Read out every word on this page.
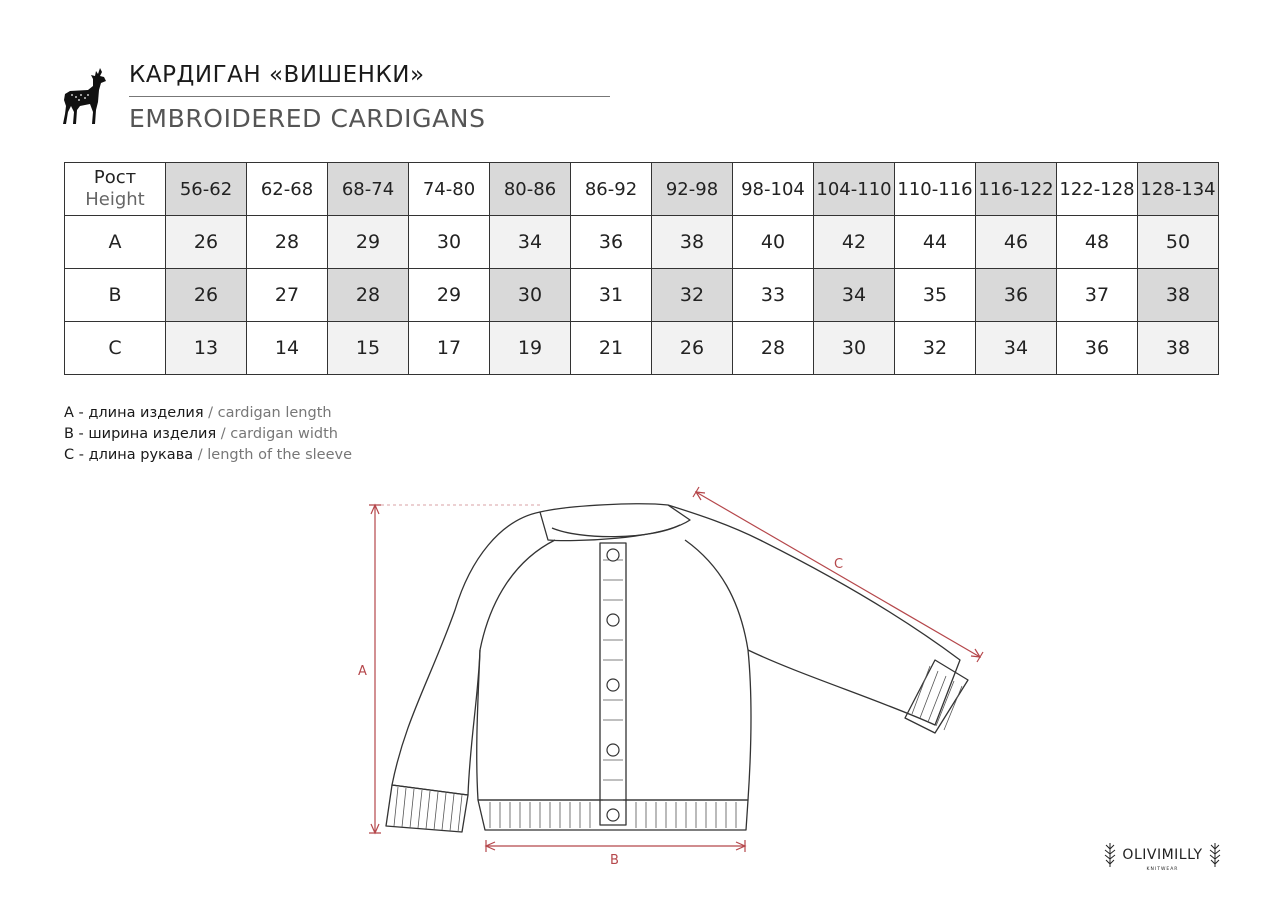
КАРДИГАН «ВИШЕНКИ»
EMBROIDERED CARDIGANS
Рост
Height	56-62	62-68	68-74	74-80	80-86	86-92	92-98	98-104	104-110	110-116	116-122	122-128	128-134
A	26	28	29	30	34	36	38	40	42	44	46	48	50
B	26	27	28	29	30	31	32	33	34	35	36	37	38
C	13	14	15	17	19	21	26	28	30	32	34	36	38
A - длина изделия / cardigan length
B - ширина изделия / cardigan width
C - длина рукава / length of the sleeve
A
B
C
OLIVIMILLY
KNITWEAR
